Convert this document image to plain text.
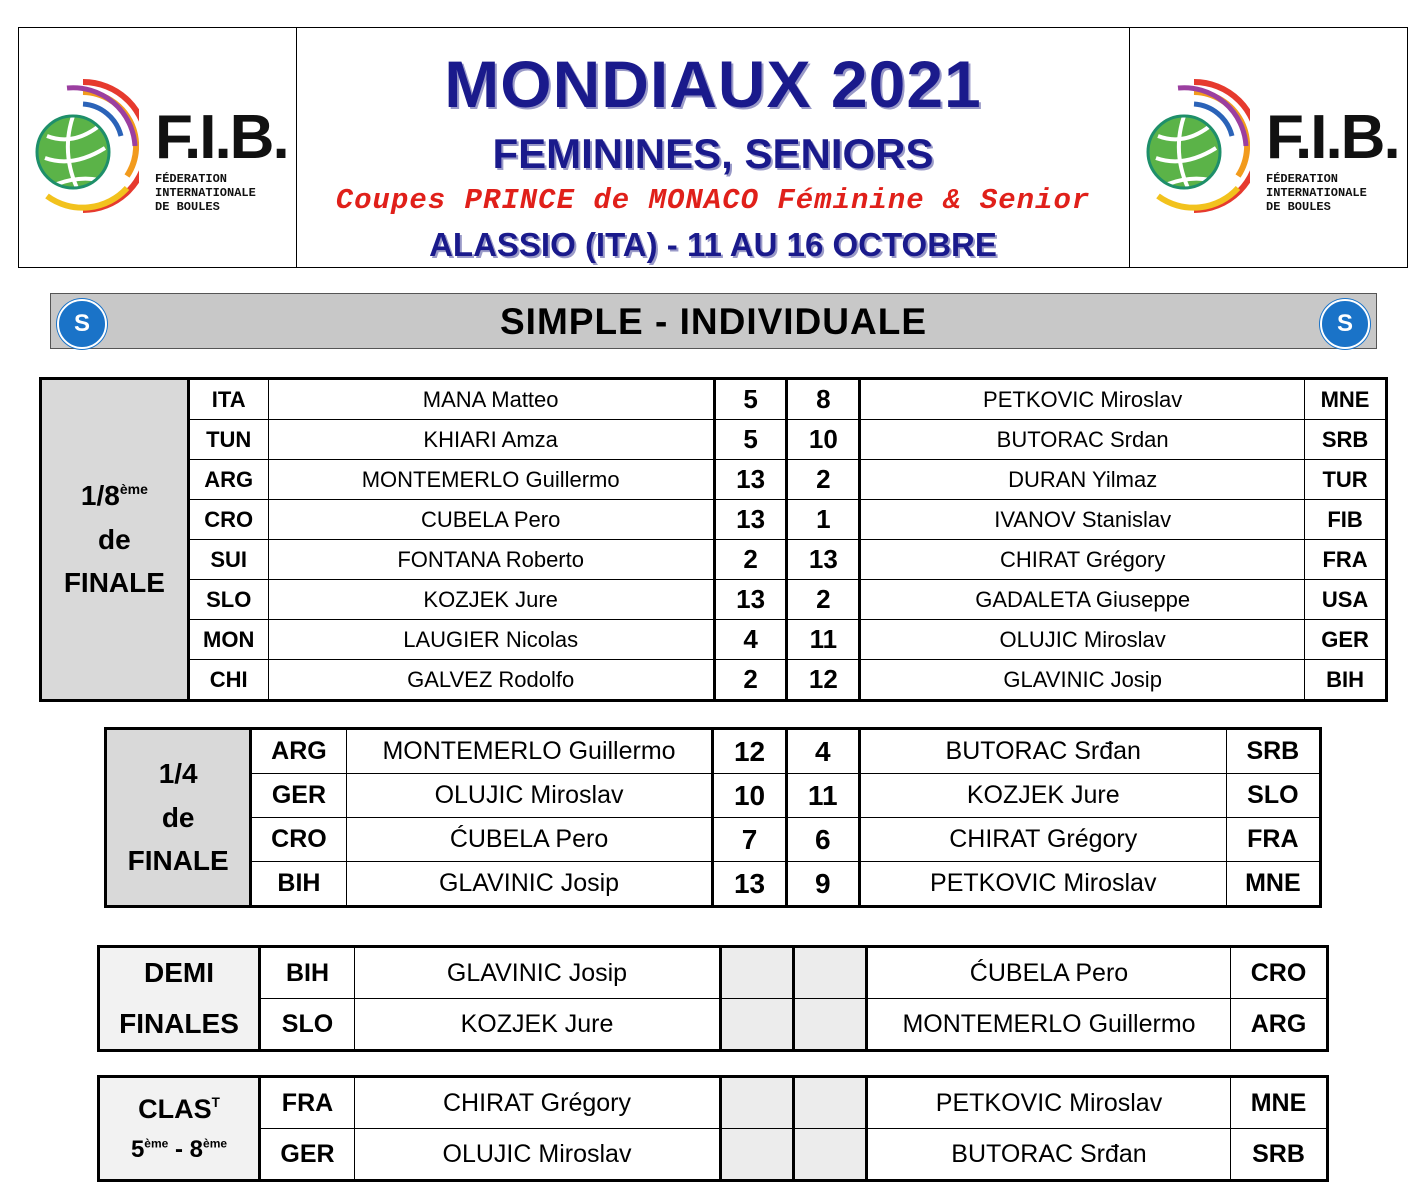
F.I.B.
FÉDERATION
INTERNATIONALE
DE BOULES
MONDIAUX 2021
FEMININES, SENIORS
Coupes PRINCE de MONACO Féminine & Senior
ALASSIO (ITA) - 11 AU 16 OCTOBRE
F.I.B.
FÉDERATION
INTERNATIONALE
DE BOULES
S	SIMPLE - INDIVIDUALE	S
1/8ème
de
FINALE	ITA	MANA Matteo	5	8	PETKOVIC Miroslav	MNE
	TUN	KHIARI Amza	5	10	BUTORAC Srdan	SRB
	ARG	MONTEMERLO Guillermo	13	2	DURAN Yilmaz	TUR
	CRO	CUBELA Pero	13	1	IVANOV Stanislav	FIB
	SUI	FONTANA Roberto	2	13	CHIRAT Grégory	FRA
	SLO	KOZJEK Jure	13	2	GADALETA Giuseppe	USA
	MON	LAUGIER Nicolas	4	11	OLUJIC Miroslav	GER
	CHI	GALVEZ Rodolfo	2	12	GLAVINIC Josip	BIH
1/4
de
FINALE	ARG	MONTEMERLO Guillermo	12	4	BUTORAC Srđan	SRB
	GER	OLUJIC Miroslav	10	11	KOZJEK Jure	SLO
	CRO	ĆUBELA Pero	7	6	CHIRAT Grégory	FRA
	BIH	GLAVINIC Josip	13	9	PETKOVIC Miroslav	MNE
DEMI
FINALES	BIH	GLAVINIC Josip			ĆUBELA Pero	CRO
	SLO	KOZJEK Jure			MONTEMERLO Guillermo	ARG
$CLAS^T$
5ème - 8ème	FRA	CHIRAT Grégory			PETKOVIC Miroslav	MNE
	GER	OLUJIC Miroslav			BUTORAC Srđan	SRB
